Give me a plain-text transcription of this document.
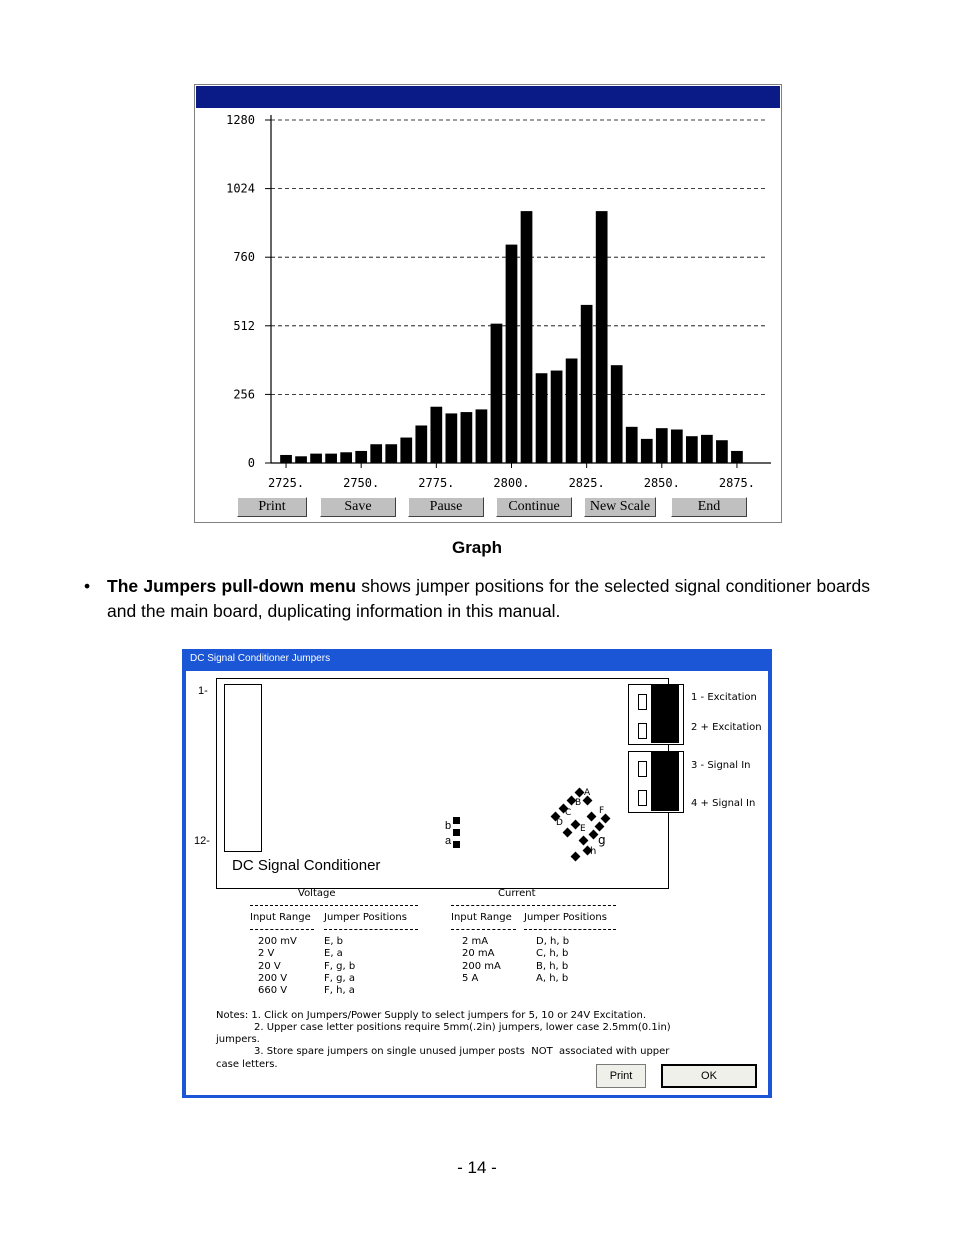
0
256
512
760
1024
1280
2725.	2750.	2775.	2800.	2825.	2850.	2875.
Print	Save	Pause	Continue	New Scale	End
Graph
• The Jumpers pull-down menu shows jumper positions for the selected signal conditioner boards and the main board, duplicating information in this manual.
DC Signal Conditioner Jumpers
1-
12-
DC Signal Conditioner
1 - Excitation
2 + Excitation
3 - Signal In
4 + Signal In
b
a
A
B
C
D
E
F
g
h
Voltage
Input Range Jumper Positions
200 mV	E, b
2 V	E, a
20 V	F, g, b
200 V	F, g, a
660 V	F, h, a
Current
Input Range Jumper Positions
2 mA	D, h, b
20 mA	C, h, b
200 mA	B, h, b
5 A	A, h, b
Notes: 1. Click on Jumpers/Power Supply to select jumpers for 5, 10 or 24V Excitation.
2. Upper case letter positions require 5mm(.2in) jumpers, lower case 2.5mm(0.1in)
jumpers.
3. Store spare jumpers on single unused jumper posts  NOT  associated with upper
case letters.
Print	OK
- 14 -
